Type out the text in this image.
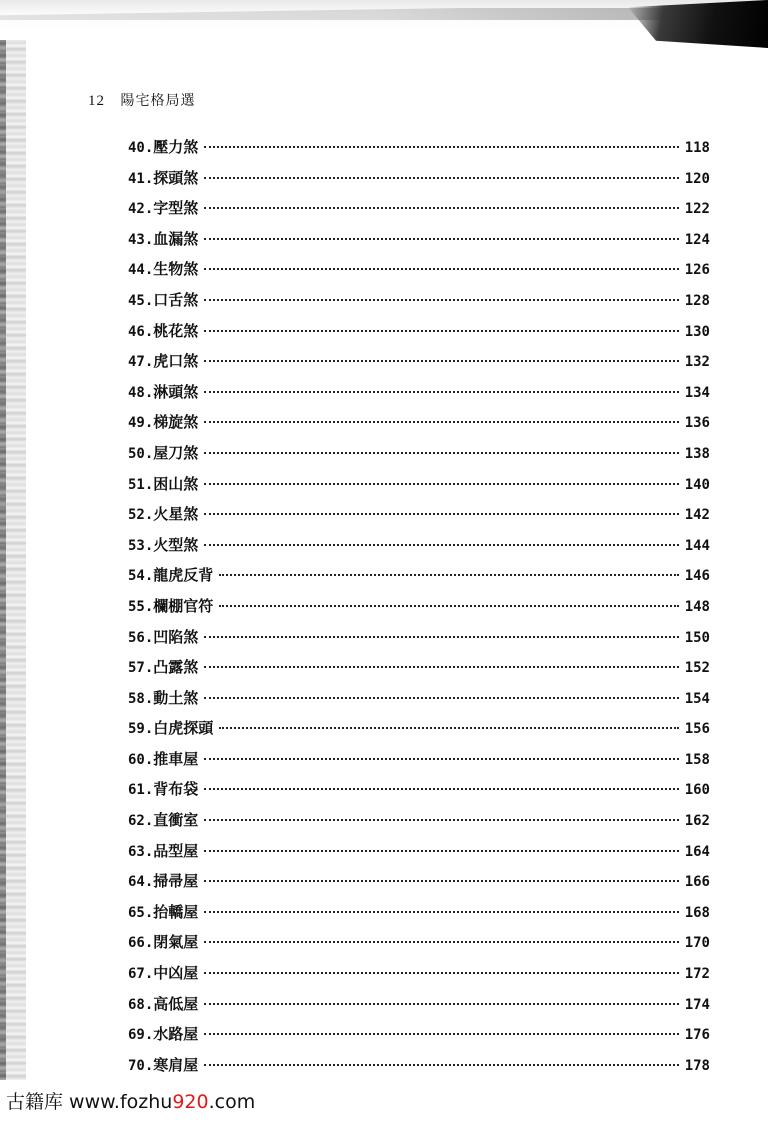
12 陽宅格局選
40.壓力煞	118
41.探頭煞	120
42.字型煞	122
43.血漏煞	124
44.生物煞	126
45.口舌煞	128
46.桃花煞	130
47.虎口煞	132
48.淋頭煞	134
49.梯旋煞	136
50.屋刀煞	138
51.困山煞	140
52.火星煞	142
53.火型煞	144
54.龍虎反背	146
55.欄棚官符	148
56.凹陷煞	150
57.凸露煞	152
58.動土煞	154
59.白虎探頭	156
60.推車屋	158
61.背布袋	160
62.直衝室	162
63.品型屋	164
64.掃帚屋	166
65.抬轎屋	168
66.閉氣屋	170
67.中凶屋	172
68.高低屋	174
69.水路屋	176
70.寒肩屋	178
古籍库 www.fozhu920.com
